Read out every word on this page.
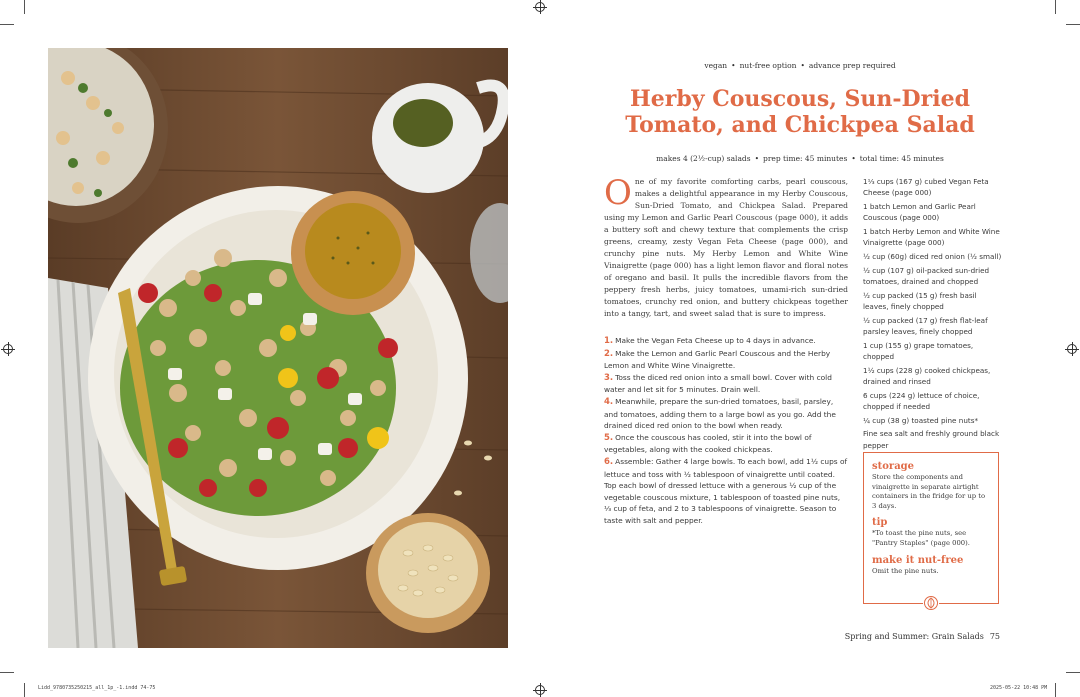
vegan • nut-free option • advance prep required
Herby Couscous, Sun-Dried Tomato, and Chickpea Salad
makes 4 (2½-cup) salads • prep time: 45 minutes • total time: 45 minutes

One of my favorite comforting carbs, pearl couscous, makes a delightful appearance in my Herby Couscous, Sun-Dried Tomato, and Chickpea Salad. Prepared using my Lemon and Garlic Pearl Couscous (page 000), it adds a buttery soft and chewy texture that complements the crisp greens, creamy, zesty Vegan Feta Cheese (page 000), and crunchy pine nuts. My Herby Lemon and White Wine Vinaigrette (page 000) has a light lemon flavor and floral notes of oregano and basil. It pulls the incredible flavors from the peppery fresh herbs, juicy tomatoes, umami-rich sun-dried tomatoes, crunchy red onion, and buttery chickpeas together into a tangy, tart, and sweet salad that is sure to impress.

1. Make the Vegan Feta Cheese up to 4 days in advance.
2. Make the Lemon and Garlic Pearl Couscous and the Herby Lemon and White Wine Vinaigrette.
3. Toss the diced red onion into a small bowl. Cover with cold water and let sit for 5 minutes. Drain well.
4. Meanwhile, prepare the sun-dried tomatoes, basil, parsley, and tomatoes, adding them to a large bowl as you go. Add the drained diced red onion to the bowl when ready.
5. Once the couscous has cooled, stir it into the bowl of vegetables, along with the cooked chickpeas.
6. Assemble: Gather 4 large bowls. To each bowl, add 1½ cups of lettuce and toss with ½ tablespoon of vinaigrette until coated. Top each bowl of dressed lettuce with a generous ½ cup of the vegetable couscous mixture, 1 tablespoon of toasted pine nuts, ⅓ cup of feta, and 2 to 3 tablespoons of vinaigrette. Season to taste with salt and pepper.
1⅓ cups (167 g) cubed Vegan Feta Cheese (page 000)
1 batch Lemon and Garlic Pearl Couscous (page 000)
1 batch Herby Lemon and White Wine Vinaigrette (page 000)
½ cup (60g) diced red onion (½ small)
½ cup (107 g) oil-packed sun-dried tomatoes, drained and chopped
½ cup packed (15 g) fresh basil leaves, finely chopped
½ cup packed (17 g) fresh flat-leaf parsley leaves, finely chopped
1 cup (155 g) grape tomatoes, chopped
1½ cups (228 g) cooked chickpeas, drained and rinsed
6 cups (224 g) lettuce of choice, chopped if needed
¼ cup (38 g) toasted pine nuts*
Fine sea salt and freshly ground black pepper

storage

Store the components and vinaigrette in separate airtight containers in the fridge for up to 3 days.

tip

*To toast the pine nuts, see "Pantry Staples" (page 000).

make it nut-free

Omit the pine nuts.

Spring and Summer: Grain Salads 75
Lidd_9780735250215_all_1p_-1.indd 74-75	2025-05-22 10:48 PM
